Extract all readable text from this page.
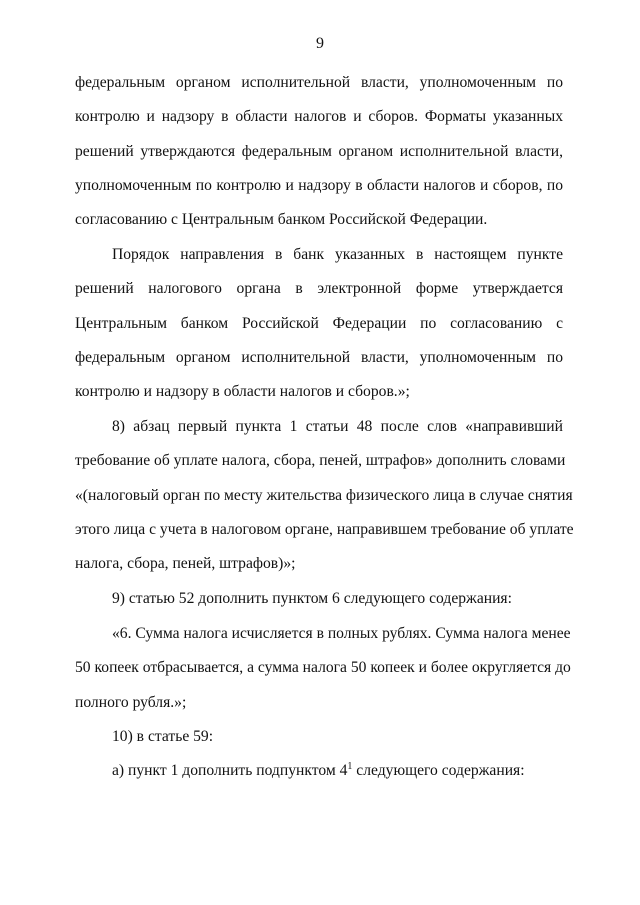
9

федеральным органом исполнительной власти, уполномоченным по
контролю и надзору в области налогов и сборов. Форматы указанных
решений утверждаются федеральным органом исполнительной власти,
уполномоченным по контролю и надзору в области налогов и сборов, по
согласованию с Центральным банком Российской Федерации.

Порядок направления в банк указанных в настоящем пункте
решений налогового органа в электронной форме утверждается
Центральным банком Российской Федерации по согласованию с
федеральным органом исполнительной власти, уполномоченным по
контролю и надзору в области налогов и сборов.»;

8) абзац первый пункта 1 статьи 48 после слов «направивший
требование об уплате налога, сбора, пеней, штрафов» дополнить словами
«(налоговый орган по месту жительства физического лица в случае снятия
этого лица с учета в налоговом органе, направившем требование об уплате
налога, сбора, пеней, штрафов)»;

9) статью 52 дополнить пунктом 6 следующего содержания:

«6. Сумма налога исчисляется в полных рублях. Сумма налога менее
50 копеек отбрасывается, а сумма налога 50 копеек и более округляется до
полного рубля.»;

10) в статье 59:

а) пункт 1 дополнить подпунктом $4^1$ следующего содержания:
